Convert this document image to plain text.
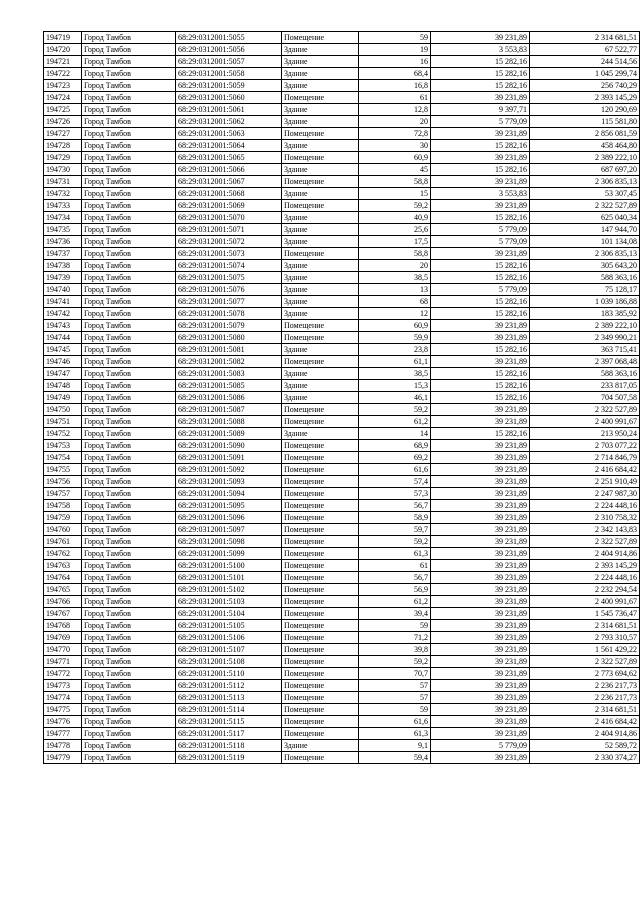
194719	Город Тамбов	68:29:0312001:5055	Помещение	59	39 231,89	2 314 681,51
194720	Город Тамбов	68:29:0312001:5056	Здание	19	3 553,83	67 522,77
194721	Город Тамбов	68:29:0312001:5057	Здание	16	15 282,16	244 514,56
194722	Город Тамбов	68:29:0312001:5058	Здание	68,4	15 282,16	1 045 299,74
194723	Город Тамбов	68:29:0312001:5059	Здание	16,8	15 282,16	256 740,29
194724	Город Тамбов	68:29:0312001:5060	Помещение	61	39 231,89	2 393 145,29
194725	Город Тамбов	68:29:0312001:5061	Здание	12,8	9 397,71	120 290,69
194726	Город Тамбов	68:29:0312001:5062	Здание	20	5 779,09	115 581,80
194727	Город Тамбов	68:29:0312001:5063	Помещение	72,8	39 231,89	2 856 081,59
194728	Город Тамбов	68:29:0312001:5064	Здание	30	15 282,16	458 464,80
194729	Город Тамбов	68:29:0312001:5065	Помещение	60,9	39 231,89	2 389 222,10
194730	Город Тамбов	68:29:0312001:5066	Здание	45	15 282,16	687 697,20
194731	Город Тамбов	68:29:0312001:5067	Помещение	58,8	39 231,89	2 306 835,13
194732	Город Тамбов	68:29:0312001:5068	Здание	15	3 553,83	53 307,45
194733	Город Тамбов	68:29:0312001:5069	Помещение	59,2	39 231,89	2 322 527,89
194734	Город Тамбов	68:29:0312001:5070	Здание	40,9	15 282,16	625 040,34
194735	Город Тамбов	68:29:0312001:5071	Здание	25,6	5 779,09	147 944,70
194736	Город Тамбов	68:29:0312001:5072	Здание	17,5	5 779,09	101 134,08
194737	Город Тамбов	68:29:0312001:5073	Помещение	58,8	39 231,89	2 306 835,13
194738	Город Тамбов	68:29:0312001:5074	Здание	20	15 282,16	305 643,20
194739	Город Тамбов	68:29:0312001:5075	Здание	38,5	15 282,16	588 363,16
194740	Город Тамбов	68:29:0312001:5076	Здание	13	5 779,09	75 128,17
194741	Город Тамбов	68:29:0312001:5077	Здание	68	15 282,16	1 039 186,88
194742	Город Тамбов	68:29:0312001:5078	Здание	12	15 282,16	183 385,92
194743	Город Тамбов	68:29:0312001:5079	Помещение	60,9	39 231,89	2 389 222,10
194744	Город Тамбов	68:29:0312001:5080	Помещение	59,9	39 231,89	2 349 990,21
194745	Город Тамбов	68:29:0312001:5081	Здание	23,8	15 282,16	363 715,41
194746	Город Тамбов	68:29:0312001:5082	Помещение	61,1	39 231,89	2 397 068,48
194747	Город Тамбов	68:29:0312001:5083	Здание	38,5	15 282,16	588 363,16
194748	Город Тамбов	68:29:0312001:5085	Здание	15,3	15 282,16	233 817,05
194749	Город Тамбов	68:29:0312001:5086	Здание	46,1	15 282,16	704 507,58
194750	Город Тамбов	68:29:0312001:5087	Помещение	59,2	39 231,89	2 322 527,89
194751	Город Тамбов	68:29:0312001:5088	Помещение	61,2	39 231,89	2 400 991,67
194752	Город Тамбов	68:29:0312001:5089	Здание	14	15 282,16	213 950,24
194753	Город Тамбов	68:29:0312001:5090	Помещение	68,9	39 231,89	2 703 077,22
194754	Город Тамбов	68:29:0312001:5091	Помещение	69,2	39 231,89	2 714 846,79
194755	Город Тамбов	68:29:0312001:5092	Помещение	61,6	39 231,89	2 416 684,42
194756	Город Тамбов	68:29:0312001:5093	Помещение	57,4	39 231,89	2 251 910,49
194757	Город Тамбов	68:29:0312001:5094	Помещение	57,3	39 231,89	2 247 987,30
194758	Город Тамбов	68:29:0312001:5095	Помещение	56,7	39 231,89	2 224 448,16
194759	Город Тамбов	68:29:0312001:5096	Помещение	58,9	39 231,89	2 310 758,32
194760	Город Тамбов	68:29:0312001:5097	Помещение	59,7	39 231,89	2 342 143,83
194761	Город Тамбов	68:29:0312001:5098	Помещение	59,2	39 231,89	2 322 527,89
194762	Город Тамбов	68:29:0312001:5099	Помещение	61,3	39 231,89	2 404 914,86
194763	Город Тамбов	68:29:0312001:5100	Помещение	61	39 231,89	2 393 145,29
194764	Город Тамбов	68:29:0312001:5101	Помещение	56,7	39 231,89	2 224 448,16
194765	Город Тамбов	68:29:0312001:5102	Помещение	56,9	39 231,89	2 232 294,54
194766	Город Тамбов	68:29:0312001:5103	Помещение	61,2	39 231,89	2 400 991,67
194767	Город Тамбов	68:29:0312001:5104	Помещение	39,4	39 231,89	1 545 736,47
194768	Город Тамбов	68:29:0312001:5105	Помещение	59	39 231,89	2 314 681,51
194769	Город Тамбов	68:29:0312001:5106	Помещение	71,2	39 231,89	2 793 310,57
194770	Город Тамбов	68:29:0312001:5107	Помещение	39,8	39 231,89	1 561 429,22
194771	Город Тамбов	68:29:0312001:5108	Помещение	59,2	39 231,89	2 322 527,89
194772	Город Тамбов	68:29:0312001:5110	Помещение	70,7	39 231,89	2 773 694,62
194773	Город Тамбов	68:29:0312001:5112	Помещение	57	39 231,89	2 236 217,73
194774	Город Тамбов	68:29:0312001:5113	Помещение	57	39 231,89	2 236 217,73
194775	Город Тамбов	68:29:0312001:5114	Помещение	59	39 231,89	2 314 681,51
194776	Город Тамбов	68:29:0312001:5115	Помещение	61,6	39 231,89	2 416 684,42
194777	Город Тамбов	68:29:0312001:5117	Помещение	61,3	39 231,89	2 404 914,86
194778	Город Тамбов	68:29:0312001:5118	Здание	9,1	5 779,09	52 589,72
194779	Город Тамбов	68:29:0312001:5119	Помещение	59,4	39 231,89	2 330 374,27
